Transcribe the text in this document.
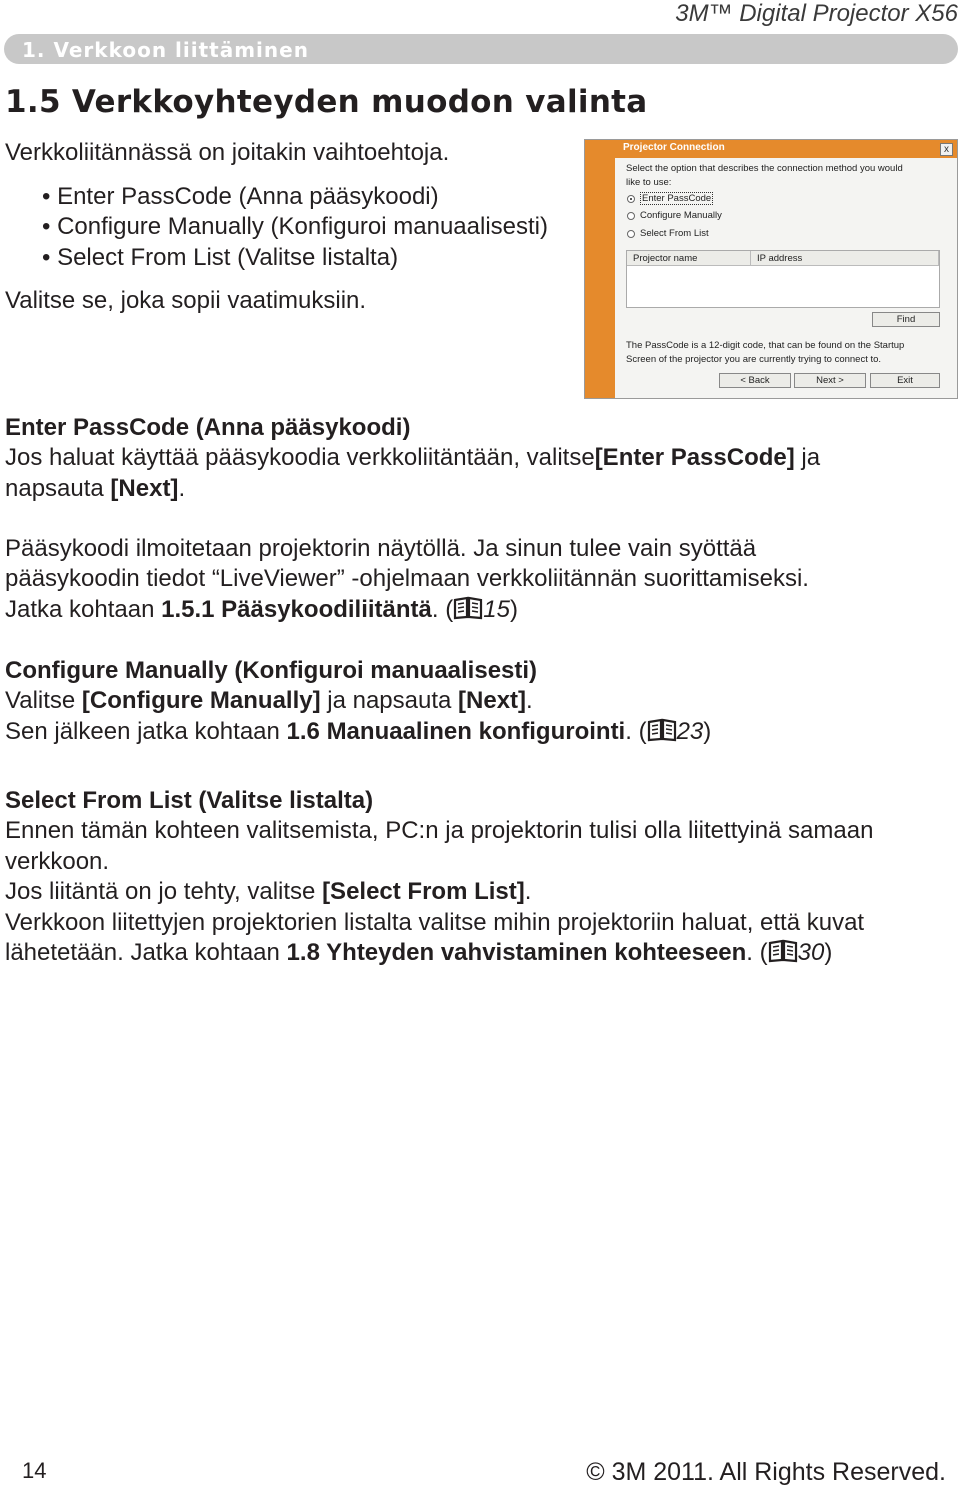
3M™ Digital Projector X56
1. Verkkoon liittäminen
1.5 Verkkoyhteyden muodon valinta
Verkkoliitännässä on joitakin vaihtoehtoja.
• Enter PassCode (Anna pääsykoodi)
• Configure Manually (Konfiguroi manuaalisesti)
• Select From List (Valitse listalta)
Valitse se, joka sopii vaatimuksiin.
Projector Connection	x
Select the option that describes the connection method you would
like to use:
Enter PassCode
Configure Manually
Select From List
Projector name	IP address
Find
The PassCode is a 12-digit code, that can be found on the Startup
Screen of the projector you are currently trying to connect to.
< Back	Next >	Exit
Enter PassCode (Anna pääsykoodi)
Jos haluat käyttää pääsykoodia verkkoliitäntään, valitse[Enter PassCode] ja
napsauta [Next].
Pääsykoodi ilmoitetaan projektorin näytöllä. Ja sinun tulee vain syöttää
pääsykoodin tiedot “LiveViewer” -ohjelmaan verkkoliitännän suorittamiseksi.
Jatka kohtaan 1.5.1 Pääsykoodiliitäntä. ( 15)
Configure Manually (Konfiguroi manuaalisesti)
Valitse [Configure Manually] ja napsauta [Next].
Sen jälkeen jatka kohtaan 1.6 Manuaalinen konfigurointi. ( 23)
Select From List (Valitse listalta)
Ennen tämän kohteen valitsemista, PC:n ja projektorin tulisi olla liitettyinä samaan
verkkoon.
Jos liitäntä on jo tehty, valitse [Select From List].
Verkkoon liitettyjen projektorien listalta valitse mihin projektoriin haluat, että kuvat
lähetetään. Jatka kohtaan 1.8 Yhteyden vahvistaminen kohteeseen. ( 30)
14	© 3M 2011. All Rights Reserved.
